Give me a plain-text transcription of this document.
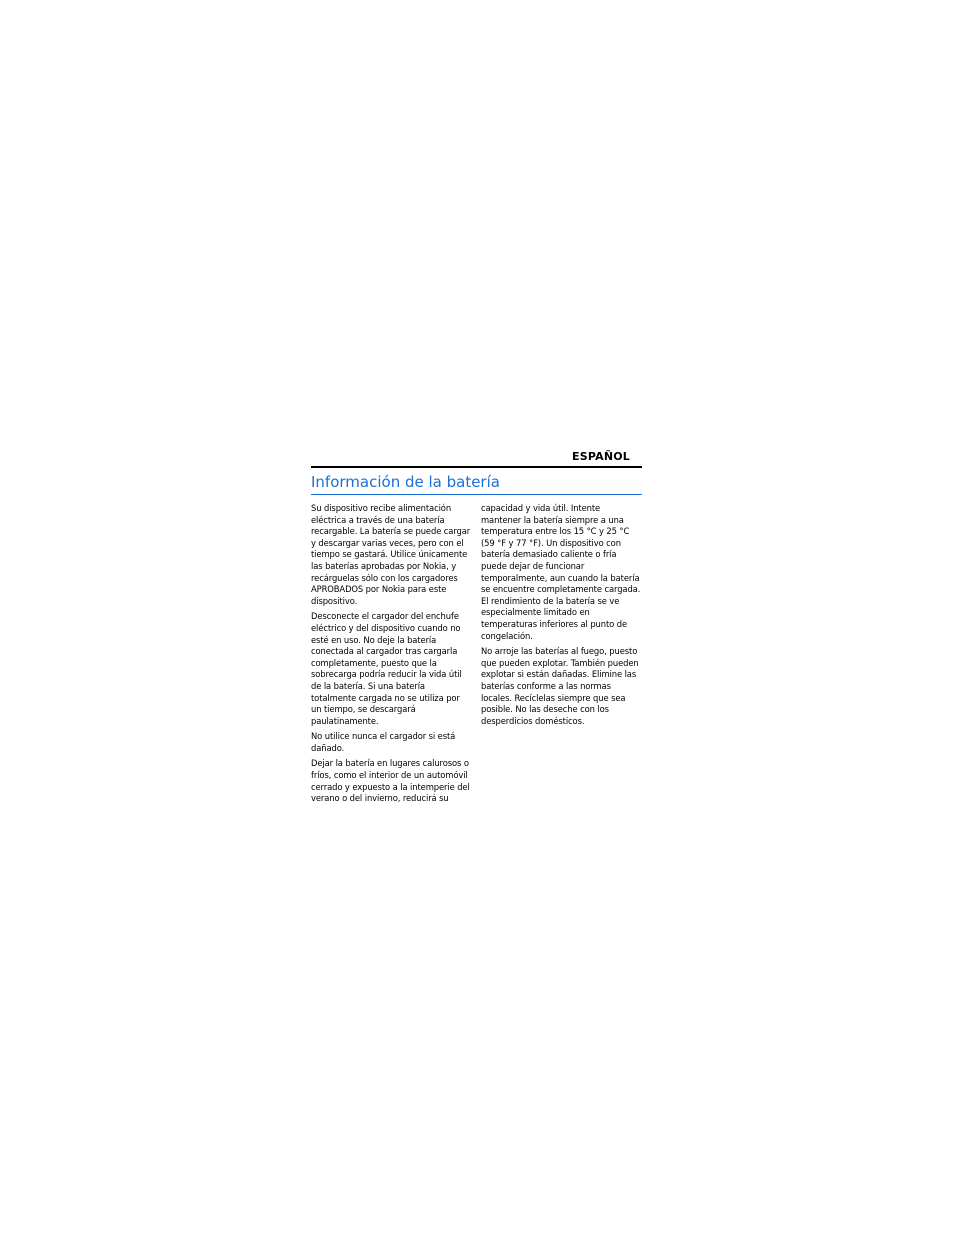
ESPAÑOL
Información de la batería

Su dispositivo recibe alimentación eléctrica a través de una batería recargable. La batería se puede cargar y descargar varias veces, pero con el tiempo se gastará. Utilice únicamente las baterías aprobadas por Nokia, y recárguelas sólo con los cargadores APROBADOS por Nokia para este dispositivo.

Desconecte el cargador del enchufe eléctrico y del dispositivo cuando no esté en uso. No deje la batería conectada al cargador tras cargarla completamente, puesto que la sobrecarga podría reducir la vida útil de la batería. Si una batería totalmente cargada no se utiliza por un tiempo, se descargará paulatinamente.

No utilice nunca el cargador si está dañado.

Dejar la batería en lugares calurosos o fríos, como el interior de un automóvil cerrado y expuesto a la intemperie del verano o del invierno, reducirá su

capacidad y vida útil. Intente mantener la batería siempre a una temperatura entre los 15 °C y 25 °C (59 °F y 77 °F). Un dispositivo con batería demasiado caliente o fría puede dejar de funcionar temporalmente, aun cuando la batería se encuentre completamente cargada. El rendimiento de la batería se ve especialmente limitado en temperaturas inferiores al punto de congelación.

No arroje las baterías al fuego, puesto que pueden explotar. También pueden explotar si están dañadas. Elimine las baterías conforme a las normas locales. Recíclelas siempre que sea posible. No las deseche con los desperdicios domésticos.
